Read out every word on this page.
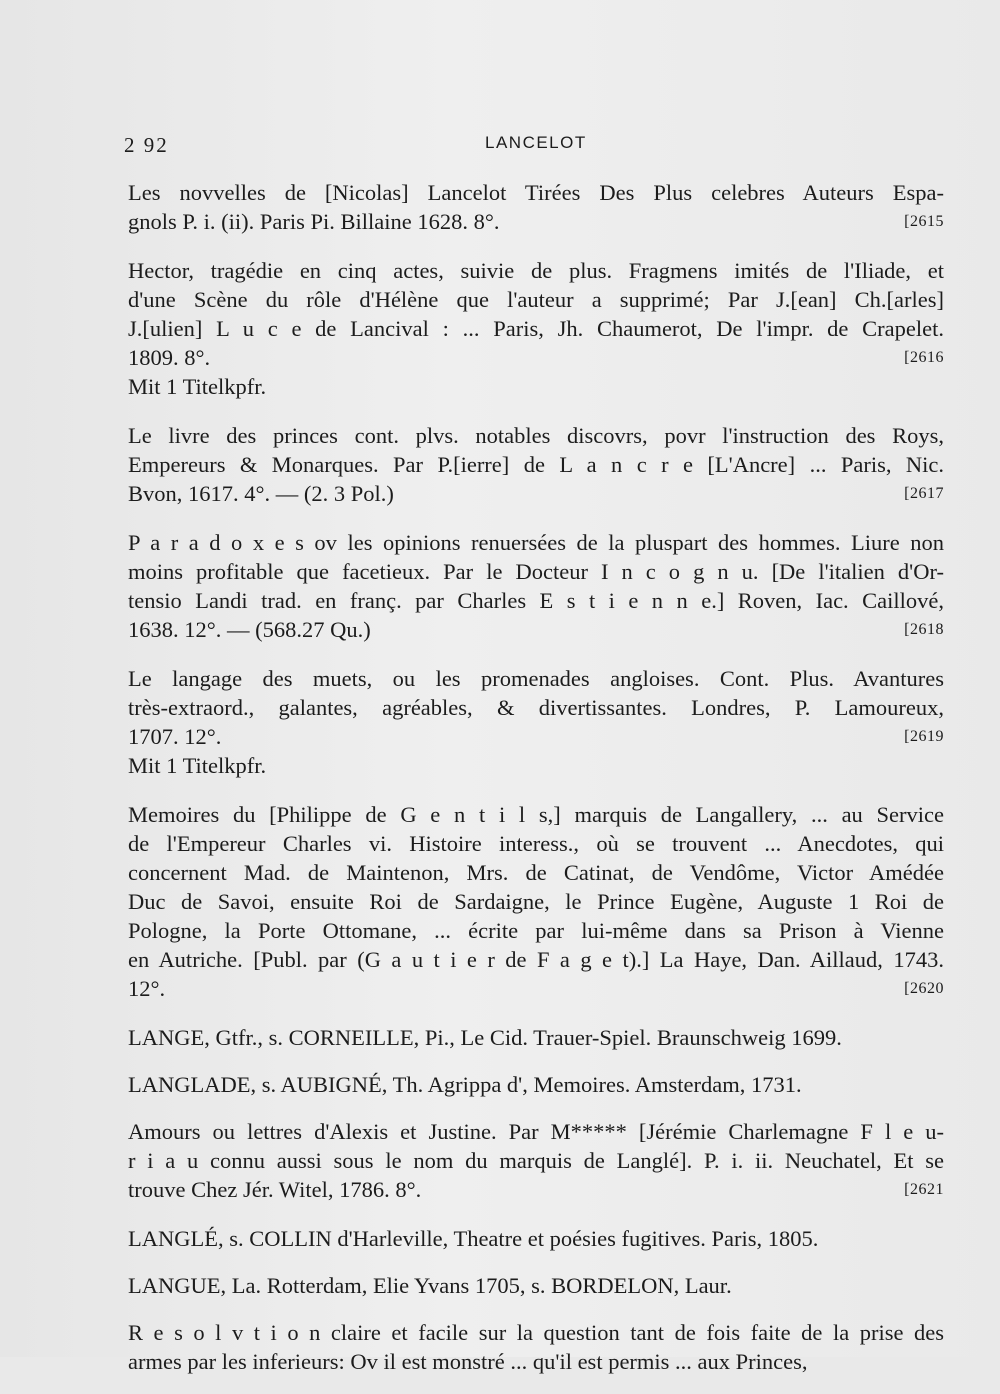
2 92	LANCELOT

Les novvelles de [Nicolas] Lancelot Tirées Des Plus celebres Auteurs Espa-

gnols P. i. (ii). Paris Pi. Billaine 1628. 8°.	[2615

Hector, tragédie en cinq actes, suivie de plus. Fragmens imités de l'Iliade, et

d'une Scène du rôle d'Hélène que l'auteur a supprimé; Par J.[ean] Ch.[arles]

J.[ulien] L u c e de Lancival : ... Paris, Jh. Chaumerot, De l'impr. de Crapelet.

1809. 8°.	[2616

Mit 1 Titelkpfr.

Le livre des princes cont. plvs. notables discovrs, povr l'instruction des Roys,

Empereurs & Monarques. Par P.[ierre] de L a n c r e [L'Ancre] ... Paris, Nic.

Bvon, 1617. 4°. — (2. 3 Pol.)	[2617

P a r a d o x e s ov les opinions renuersées de la pluspart des hommes. Liure non

moins profitable que facetieux. Par le Docteur I n c o g n u. [De l'italien d'Or-

tensio Landi trad. en franç. par Charles E s t i e n n e.] Roven, Iac. Caillové,

1638. 12°. — (568.27 Qu.)	[2618

Le langage des muets, ou les promenades angloises. Cont. Plus. Avantures

très-extraord., galantes, agréables, & divertissantes. Londres, P. Lamoureux,

1707. 12°.	[2619

Mit 1 Titelkpfr.

Memoires du [Philippe de G e n t i l s,] marquis de Langallery, ... au Service

de l'Empereur Charles vi. Histoire interess., où se trouvent ... Anecdotes, qui

concernent Mad. de Maintenon, Mrs. de Catinat, de Vendôme, Victor Amédée

Duc de Savoi, ensuite Roi de Sardaigne, le Prince Eugène, Auguste 1 Roi de

Pologne, la Porte Ottomane, ... écrite par lui-même dans sa Prison à Vienne

en Autriche. [Publ. par (G a u t i e r de F a g e t).] La Haye, Dan. Aillaud, 1743.

12°.	[2620

LANGE, Gtfr., s. CORNEILLE, Pi., Le Cid. Trauer-Spiel. Braunschweig 1699.

LANGLADE, s. AUBIGNÉ, Th. Agrippa d', Memoires. Amsterdam, 1731.

Amours ou lettres d'Alexis et Justine. Par M***** [Jérémie Charlemagne F l e u-

r i a u connu aussi sous le nom du marquis de Langlé]. P. i. ii. Neuchatel, Et se

trouve Chez Jér. Witel, 1786. 8°.	[2621

LANGLÉ, s. COLLIN d'Harleville, Theatre et poésies fugitives. Paris, 1805.

LANGUE, La. Rotterdam, Elie Yvans 1705, s. BORDELON, Laur.

R e s o l v t i o n claire et facile sur la question tant de fois faite de la prise des

armes par les inferieurs: Ov il est monstré ... qu'il est permis ... aux Princes,
